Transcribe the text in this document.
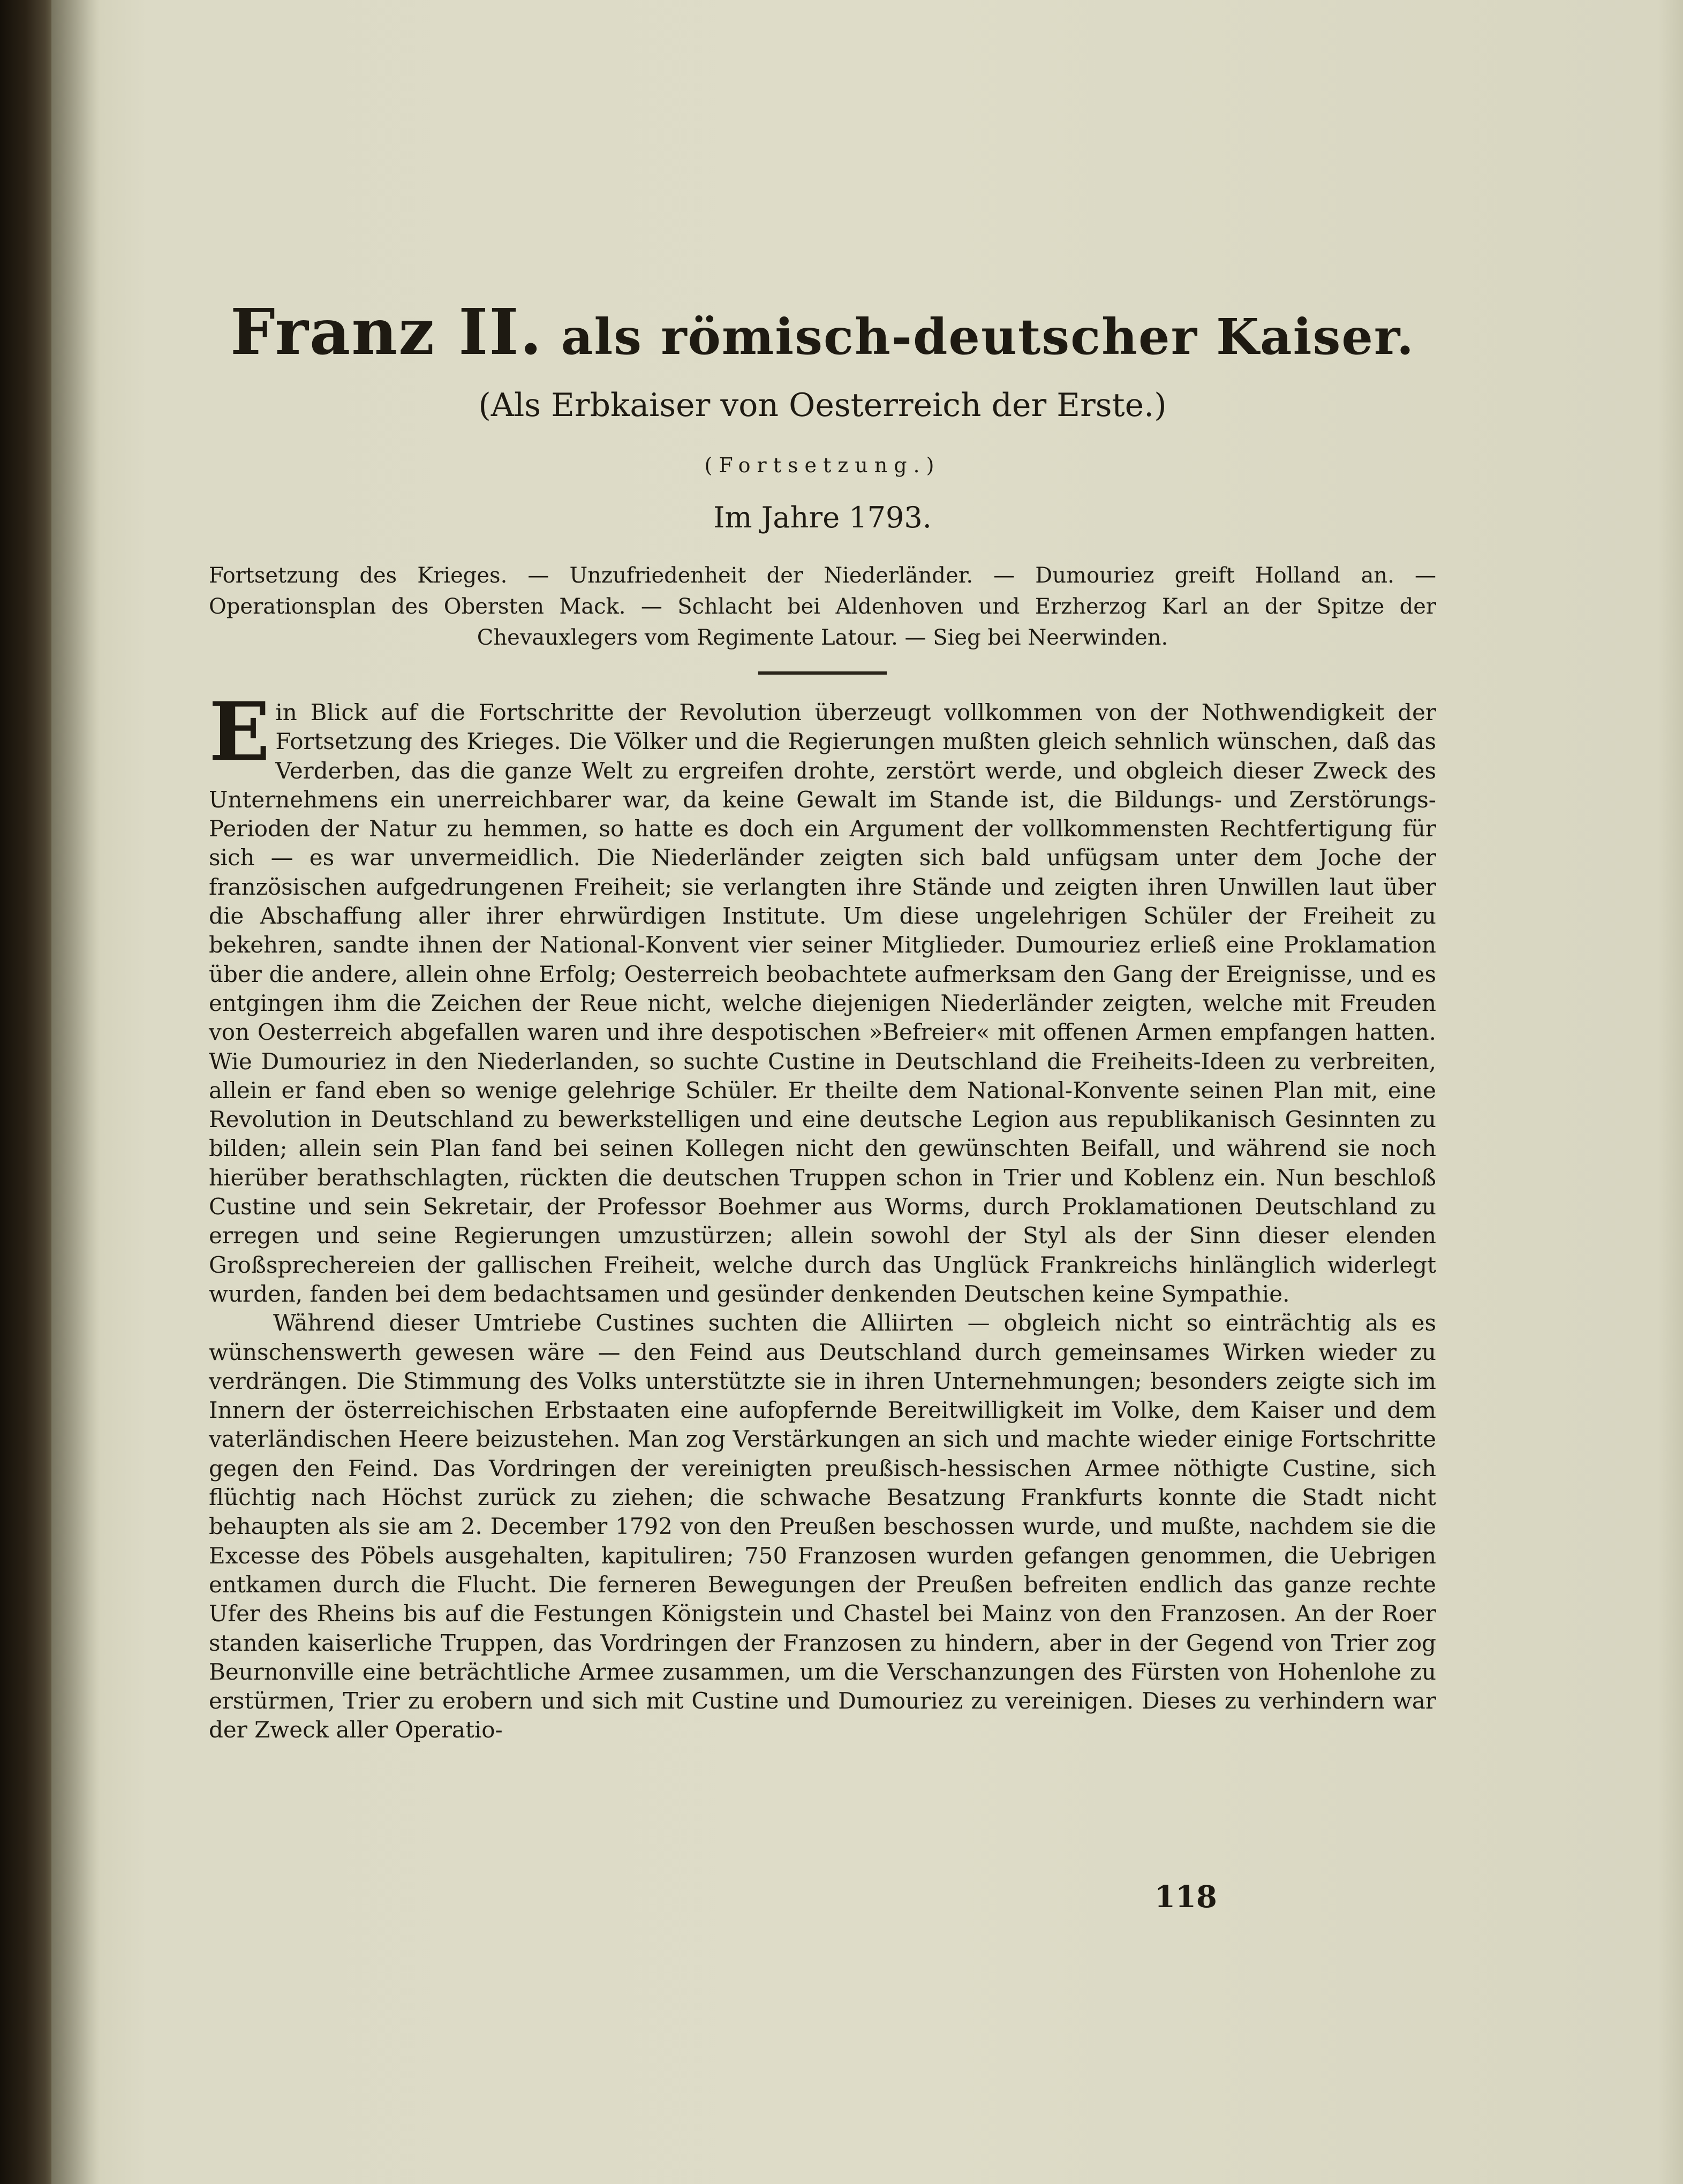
Franz II. als römisch-deutscher Kaiser.

(Als Erbkaiser von Oesterreich der Erste.)

(Fortsetzung.)

Im Jahre 1793.

Fortsetzung des Krieges. — Unzufriedenheit der Niederländer. — Dumouriez greift Holland an. — Operationsplan des Obersten Mack. — Schlacht bei Aldenhoven und Erzherzog Karl an der Spitze der Chevauxlegers vom Regimente Latour. — Sieg bei Neerwinden.

Ein Blick auf die Fortschritte der Revolution überzeugt vollkommen von der Nothwendigkeit der Fortsetzung des Krieges. Die Völker und die Regierungen mußten gleich sehnlich wünschen, daß das Verderben, das die ganze Welt zu ergreifen drohte, zerstört werde, und obgleich dieser Zweck des Unternehmens ein unerreichbarer war, da keine Gewalt im Stande ist, die Bildungs- und Zerstörungs-Perioden der Natur zu hemmen, so hatte es doch ein Argument der vollkommensten Rechtfertigung für sich — es war unvermeidlich. Die Niederländer zeigten sich bald unfügsam unter dem Joche der französischen aufgedrungenen Freiheit; sie verlangten ihre Stände und zeigten ihren Unwillen laut über die Abschaffung aller ihrer ehrwürdigen Institute. Um diese ungelehrigen Schüler der Freiheit zu bekehren, sandte ihnen der National-Konvent vier seiner Mitglieder. Dumouriez erließ eine Proklamation über die andere, allein ohne Erfolg; Oesterreich beobachtete aufmerksam den Gang der Ereignisse, und es entgingen ihm die Zeichen der Reue nicht, welche diejenigen Niederländer zeigten, welche mit Freuden von Oesterreich abgefallen waren und ihre despotischen »Befreier« mit offenen Armen empfangen hatten. Wie Dumouriez in den Niederlanden, so suchte Custine in Deutschland die Freiheits-Ideen zu verbreiten, allein er fand eben so wenige gelehrige Schüler. Er theilte dem National-Konvente seinen Plan mit, eine Revolution in Deutschland zu bewerkstelligen und eine deutsche Legion aus republikanisch Gesinnten zu bilden; allein sein Plan fand bei seinen Kollegen nicht den gewünschten Beifall, und während sie noch hierüber berathschlagten, rückten die deutschen Truppen schon in Trier und Koblenz ein. Nun beschloß Custine und sein Sekretair, der Professor Boehmer aus Worms, durch Proklamationen Deutschland zu erregen und seine Regierungen umzustürzen; allein sowohl der Styl als der Sinn dieser elenden Großsprechereien der gallischen Freiheit, welche durch das Unglück Frankreichs hinlänglich widerlegt wurden, fanden bei dem bedachtsamen und gesünder denkenden Deutschen keine Sympathie.

Während dieser Umtriebe Custines suchten die Alliirten — obgleich nicht so einträchtig als es wünschenswerth gewesen wäre — den Feind aus Deutschland durch gemeinsames Wirken wieder zu verdrängen. Die Stimmung des Volks unterstützte sie in ihren Unternehmungen; besonders zeigte sich im Innern der österreichischen Erbstaaten eine aufopfernde Bereitwilligkeit im Volke, dem Kaiser und dem vaterländischen Heere beizustehen. Man zog Verstärkungen an sich und machte wieder einige Fortschritte gegen den Feind. Das Vordringen der vereinigten preußisch-hessischen Armee nöthigte Custine, sich flüchtig nach Höchst zurück zu ziehen; die schwache Besatzung Frankfurts konnte die Stadt nicht behaupten als sie am 2. December 1792 von den Preußen beschossen wurde, und mußte, nachdem sie die Excesse des Pöbels ausgehalten, kapituliren; 750 Franzosen wurden gefangen genommen, die Uebrigen entkamen durch die Flucht. Die ferneren Bewegungen der Preußen befreiten endlich das ganze rechte Ufer des Rheins bis auf die Festungen Königstein und Chastel bei Mainz von den Franzosen. An der Roer standen kaiserliche Truppen, das Vordringen der Franzosen zu hindern, aber in der Gegend von Trier zog Beurnonville eine beträchtliche Armee zusammen, um die Verschanzungen des Fürsten von Hohenlohe zu erstürmen, Trier zu erobern und sich mit Custine und Dumouriez zu vereinigen. Dieses zu verhindern war der Zweck aller Operatio-

118
